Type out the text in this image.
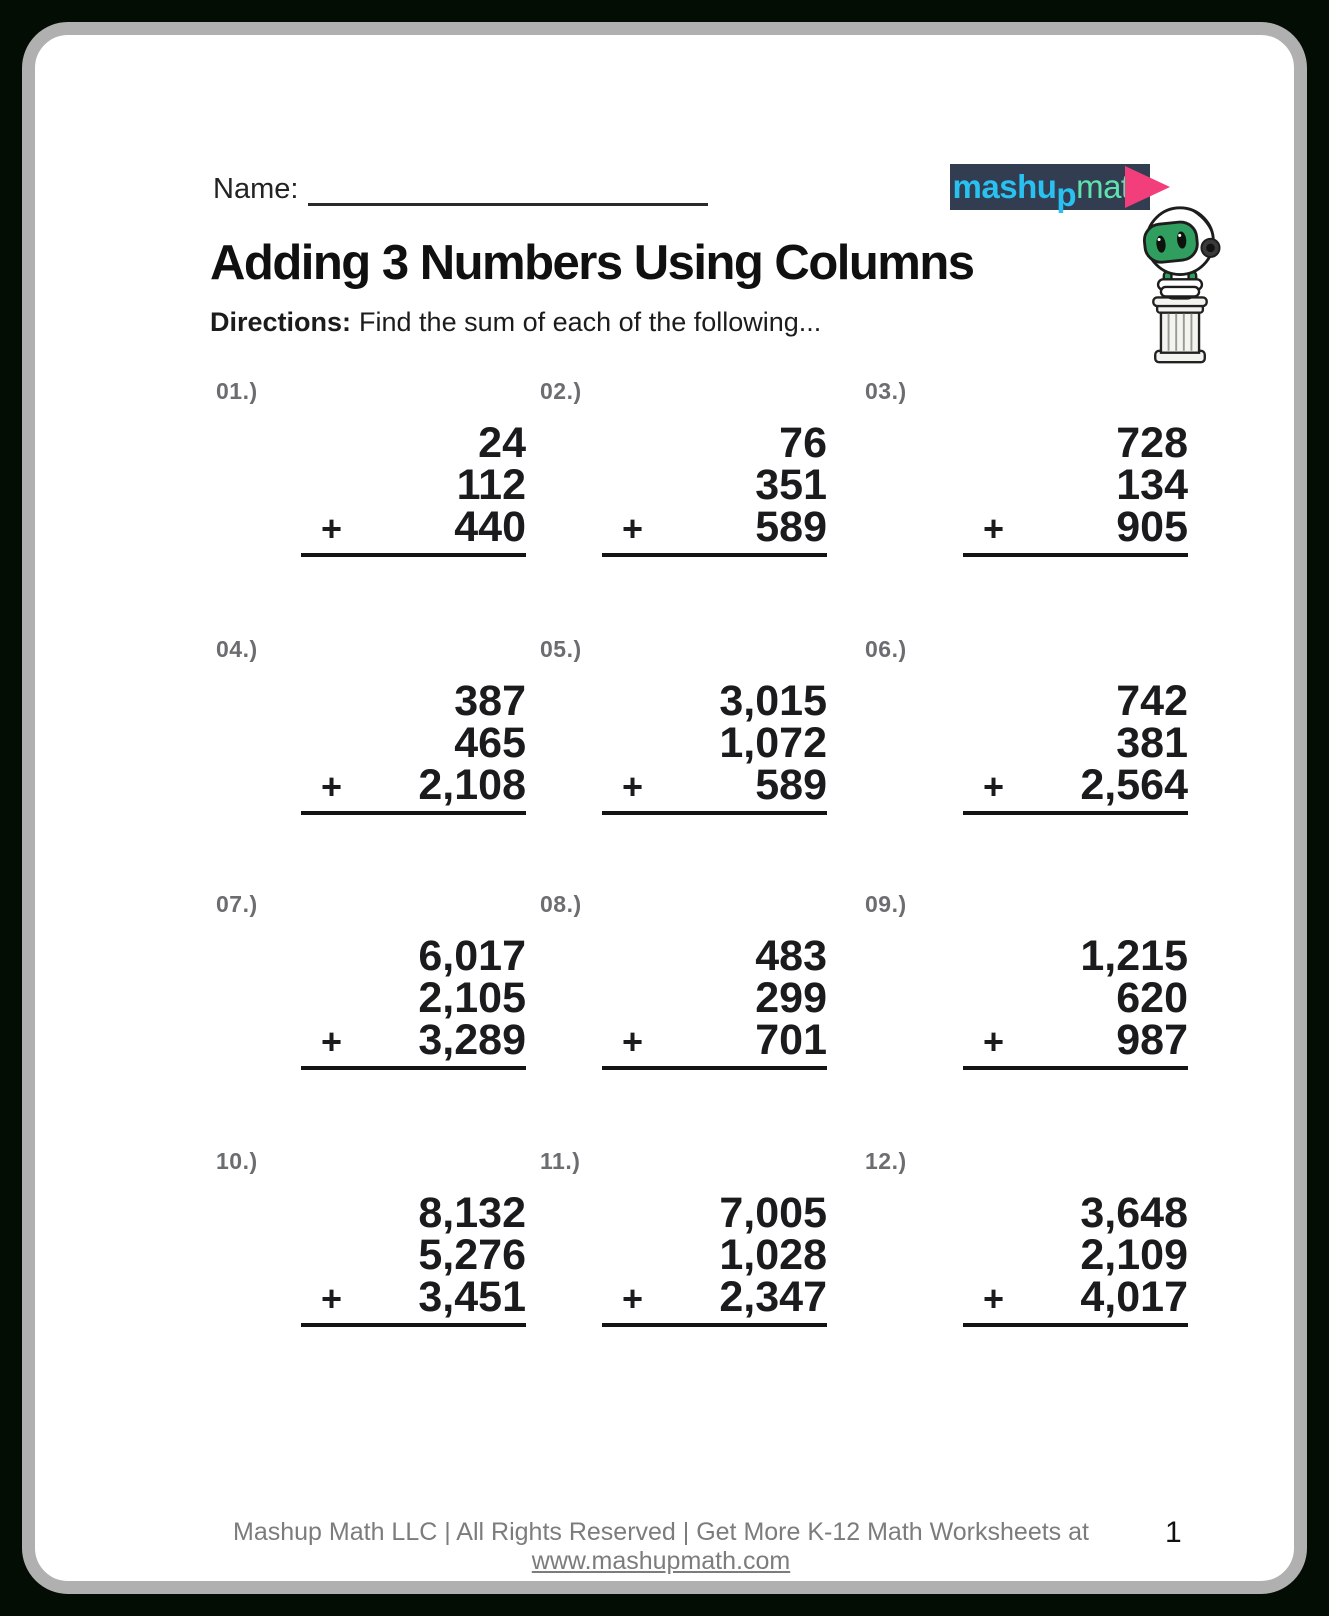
Name:	mashu p math
Adding 3 Numbers Using Columns
Directions: Find the sum of each of the following...
01.)
24
112
+	440
02.)
76
351
+	589
03.)
728
134
+	905
04.)
387
465
+ 2,108
05.)
3,015
1,072
+	589
06.)
742
381
+ 2,564
07.)
6,017
2,105
+ 3,289
08.)
483
299
+	701
09.)
1,215
620
+	987
10.)
8,132
5,276
+ 3,451
11.)
7,005
1,028
+ 2,347
12.)
3,648
2,109
+ 4,017
Mashup Math LLC | All Rights Reserved | Get More K-12 Math Worksheets at www.mashupmath.com
1
